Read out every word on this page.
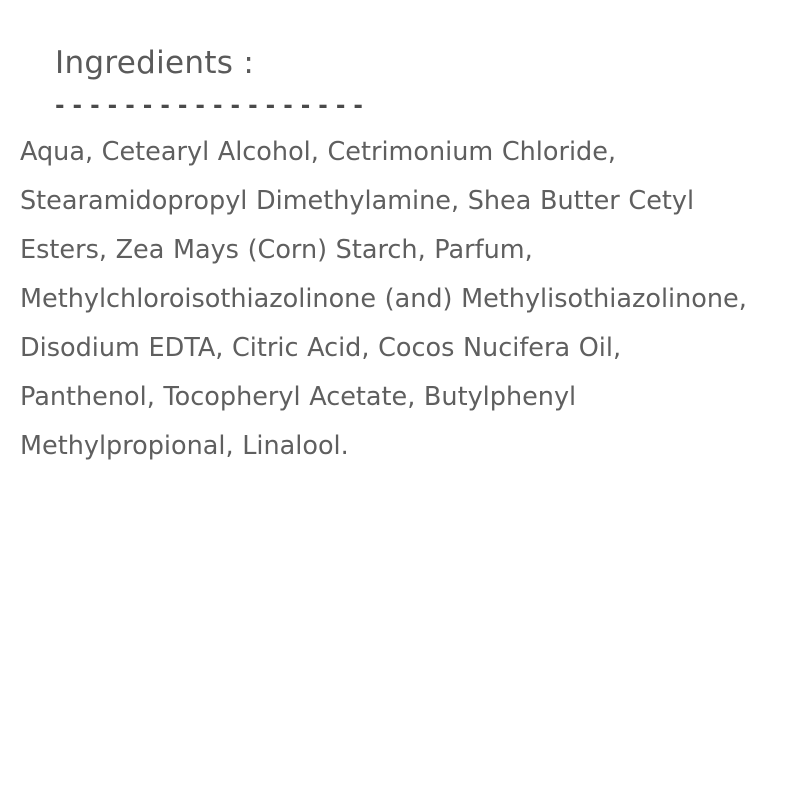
Ingredients :
- - - - - - - - - - - - - - - - - -
Aqua, Cetearyl Alcohol, Cetrimonium Chloride, Stearamidopropyl Dimethylamine, Shea Butter Cetyl Esters, Zea Mays (Corn) Starch, Parfum, Methylchloroisothiazolinone (and) Methylisothiazolinone, Disodium EDTA, Citric Acid, Cocos Nucifera Oil, Panthenol, Tocopheryl Acetate, Butylphenyl Methylpropional, Linalool.
